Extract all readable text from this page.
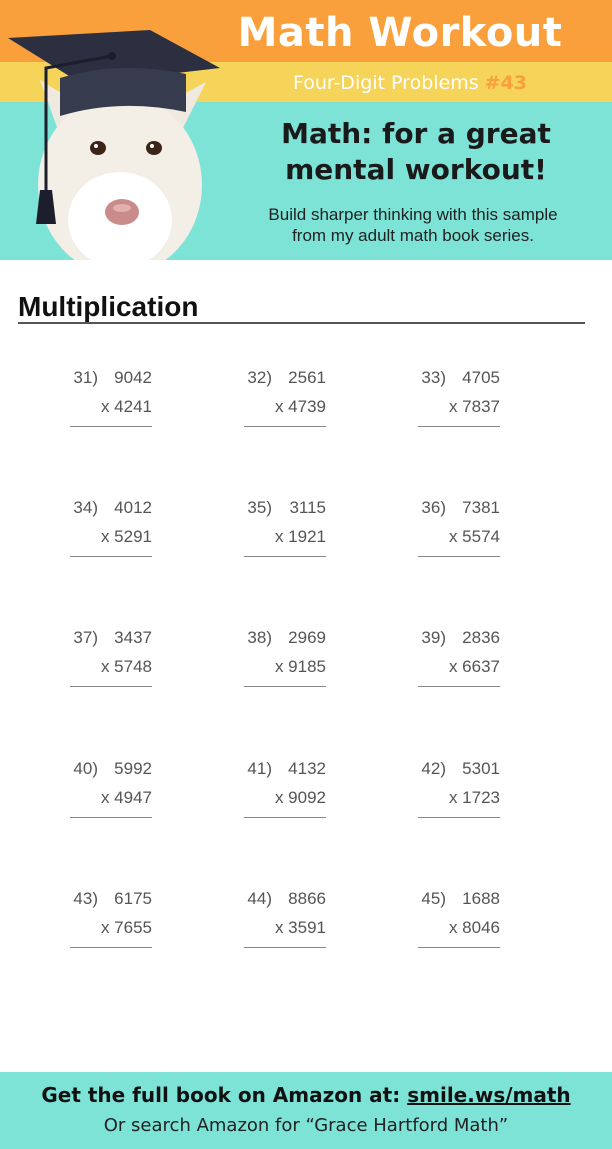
Math Workout
Four-Digit Problems #43
Math: for a great
mental workout!
Build sharper thinking with this sample
from my adult math book series.
Multiplication
31) 9042
x 4241
32) 2561
x 4739
33) 4705
x 7837
34) 4012
x 5291
35)	3115
x 1921
36) 7381
x 5574
37) 3437
x 5748
38) 2969
x 9185
39) 2836
x 6637
40) 5992
x 4947
41) 4132
x 9092
42) 5301
x 1723
43) 6175
x 7655
44) 8866
x 3591
45) 1688
x 8046
Get the full book on Amazon at: smile.ws/math
Or search Amazon for “Grace Hartford Math”
